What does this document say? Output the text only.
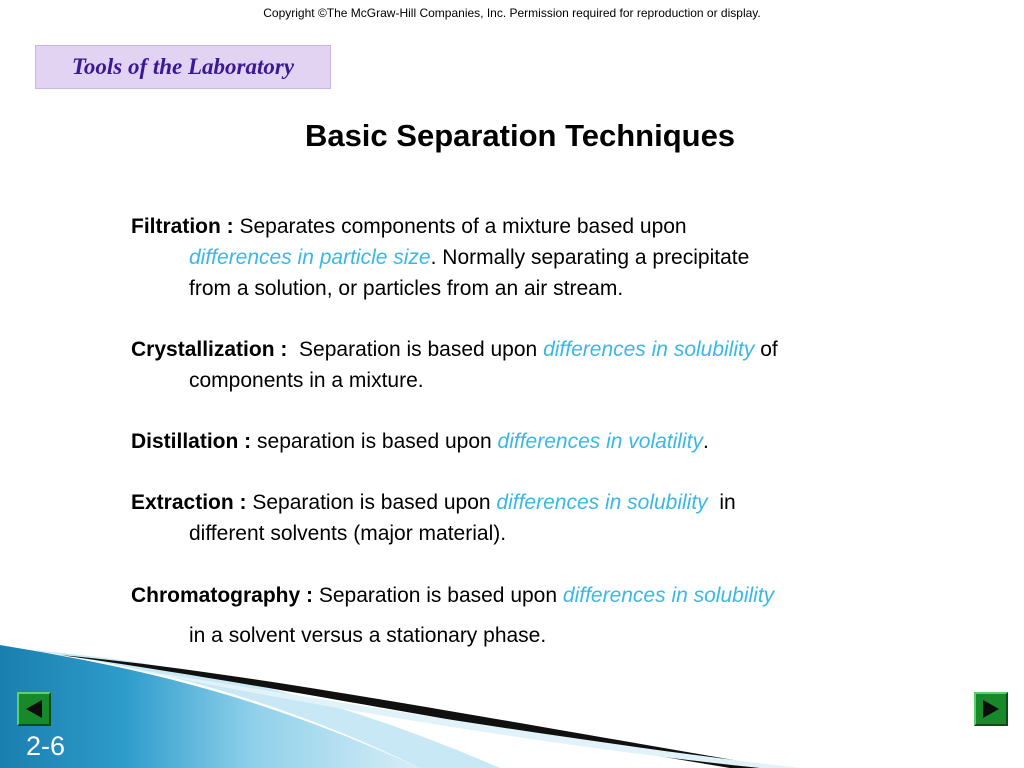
Copyright ©The McGraw-Hill Companies, Inc. Permission required for reproduction or display.
Tools of the Laboratory
Basic Separation Techniques
Filtration : Separates components of a mixture based upon
differences in particle size. Normally separating a precipitate
from a solution, or particles from an air stream.
Crystallization : Separation is based upon differences in solubility of
components in a mixture.
Distillation : separation is based upon differences in volatility.
Extraction : Separation is based upon differences in solubility in
different solvents (major material).
Chromatography : Separation is based upon differences in solubility
in a solvent versus a stationary phase.
2-6
